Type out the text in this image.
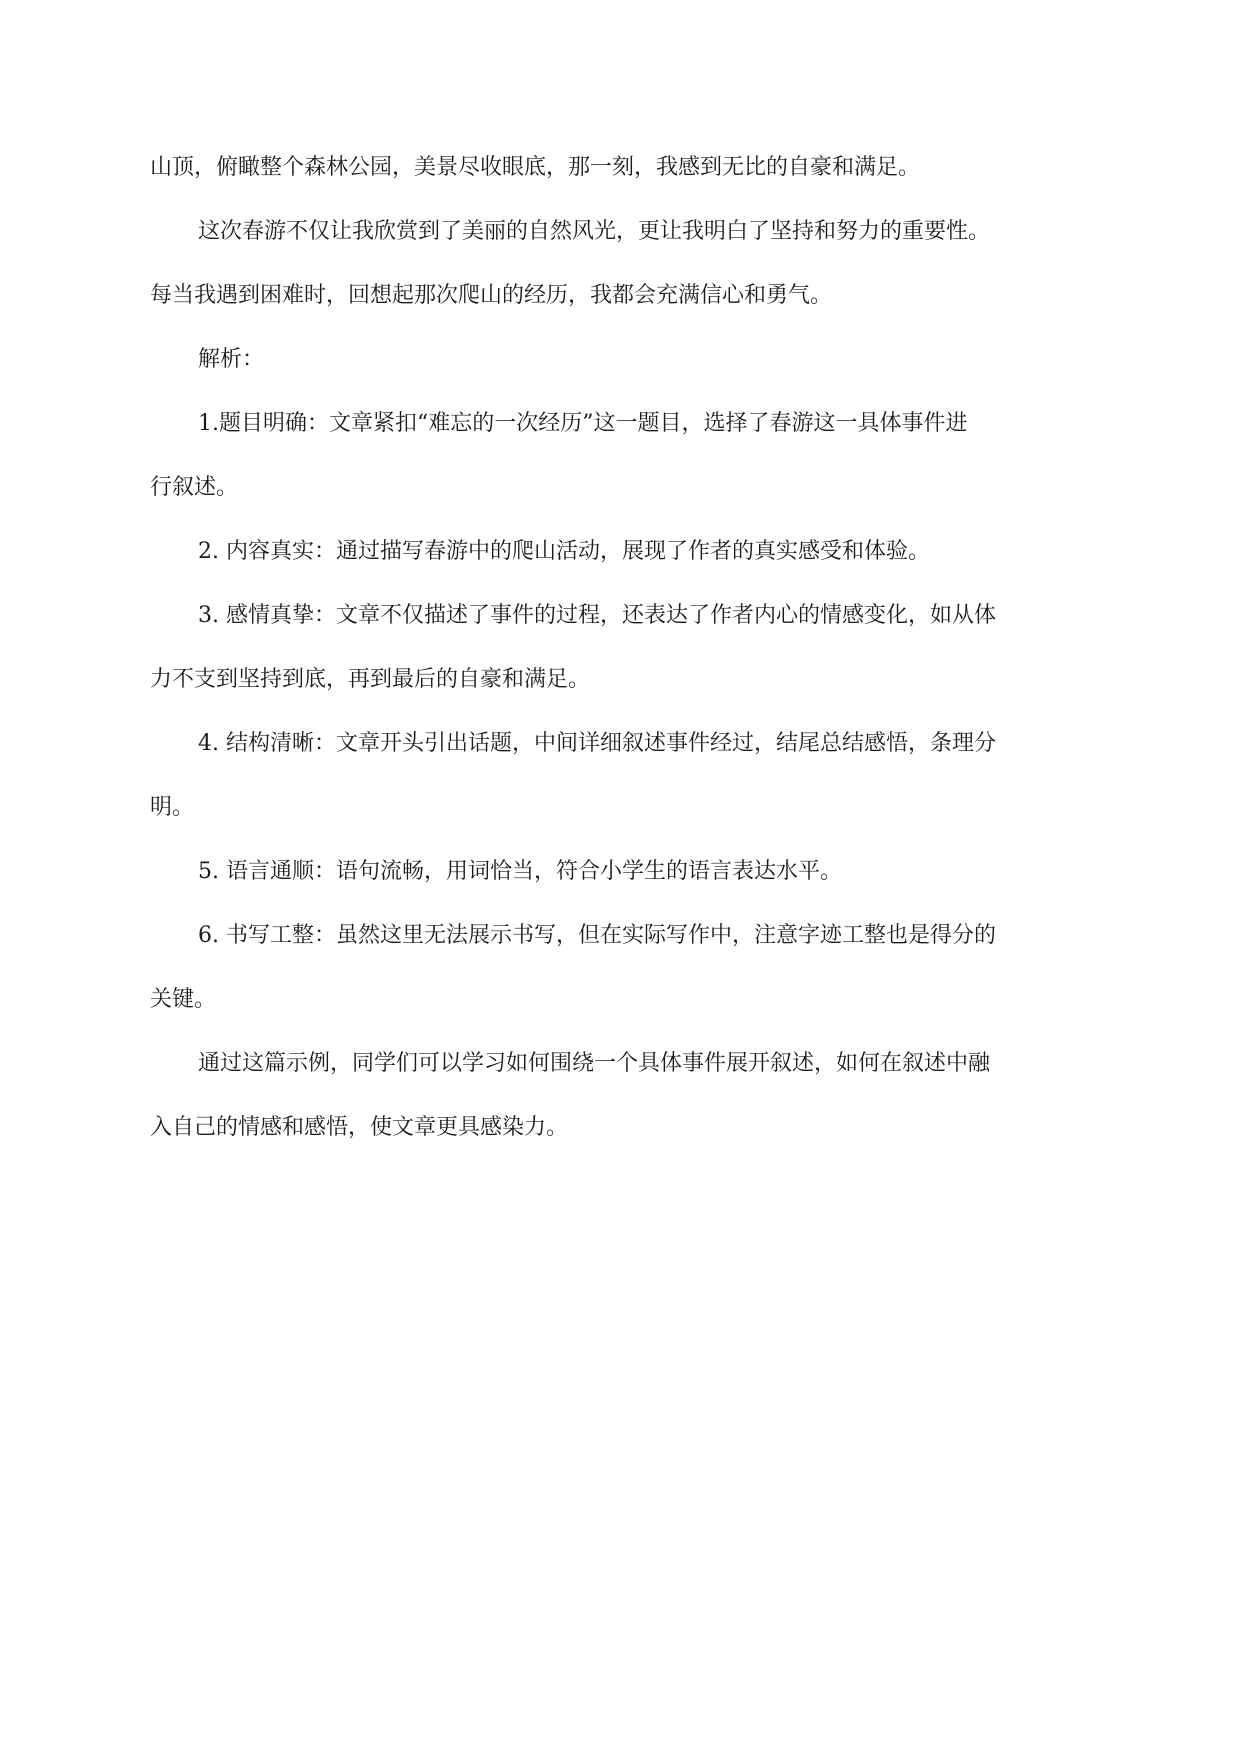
山顶，俯瞰整个森林公园，美景尽收眼底，那一刻，我感到无比的自豪和满足。
这次春游不仅让我欣赏到了美丽的自然风光，更让我明白了坚持和努力的重要性。
每当我遇到困难时，回想起那次爬山的经历，我都会充满信心和勇气。
解析：
1.题目明确：文章紧扣“难忘的一次经历”这一题目，选择了春游这一具体事件进
行叙述。
2. 内容真实：通过描写春游中的爬山活动，展现了作者的真实感受和体验。
3. 感情真挚：文章不仅描述了事件的过程，还表达了作者内心的情感变化，如从体
力不支到坚持到底，再到最后的自豪和满足。
4. 结构清晰：文章开头引出话题，中间详细叙述事件经过，结尾总结感悟，条理分
明。
5. 语言通顺：语句流畅，用词恰当，符合小学生的语言表达水平。
6. 书写工整：虽然这里无法展示书写，但在实际写作中，注意字迹工整也是得分的
关键。
通过这篇示例，同学们可以学习如何围绕一个具体事件展开叙述，如何在叙述中融
入自己的情感和感悟，使文章更具感染力。
